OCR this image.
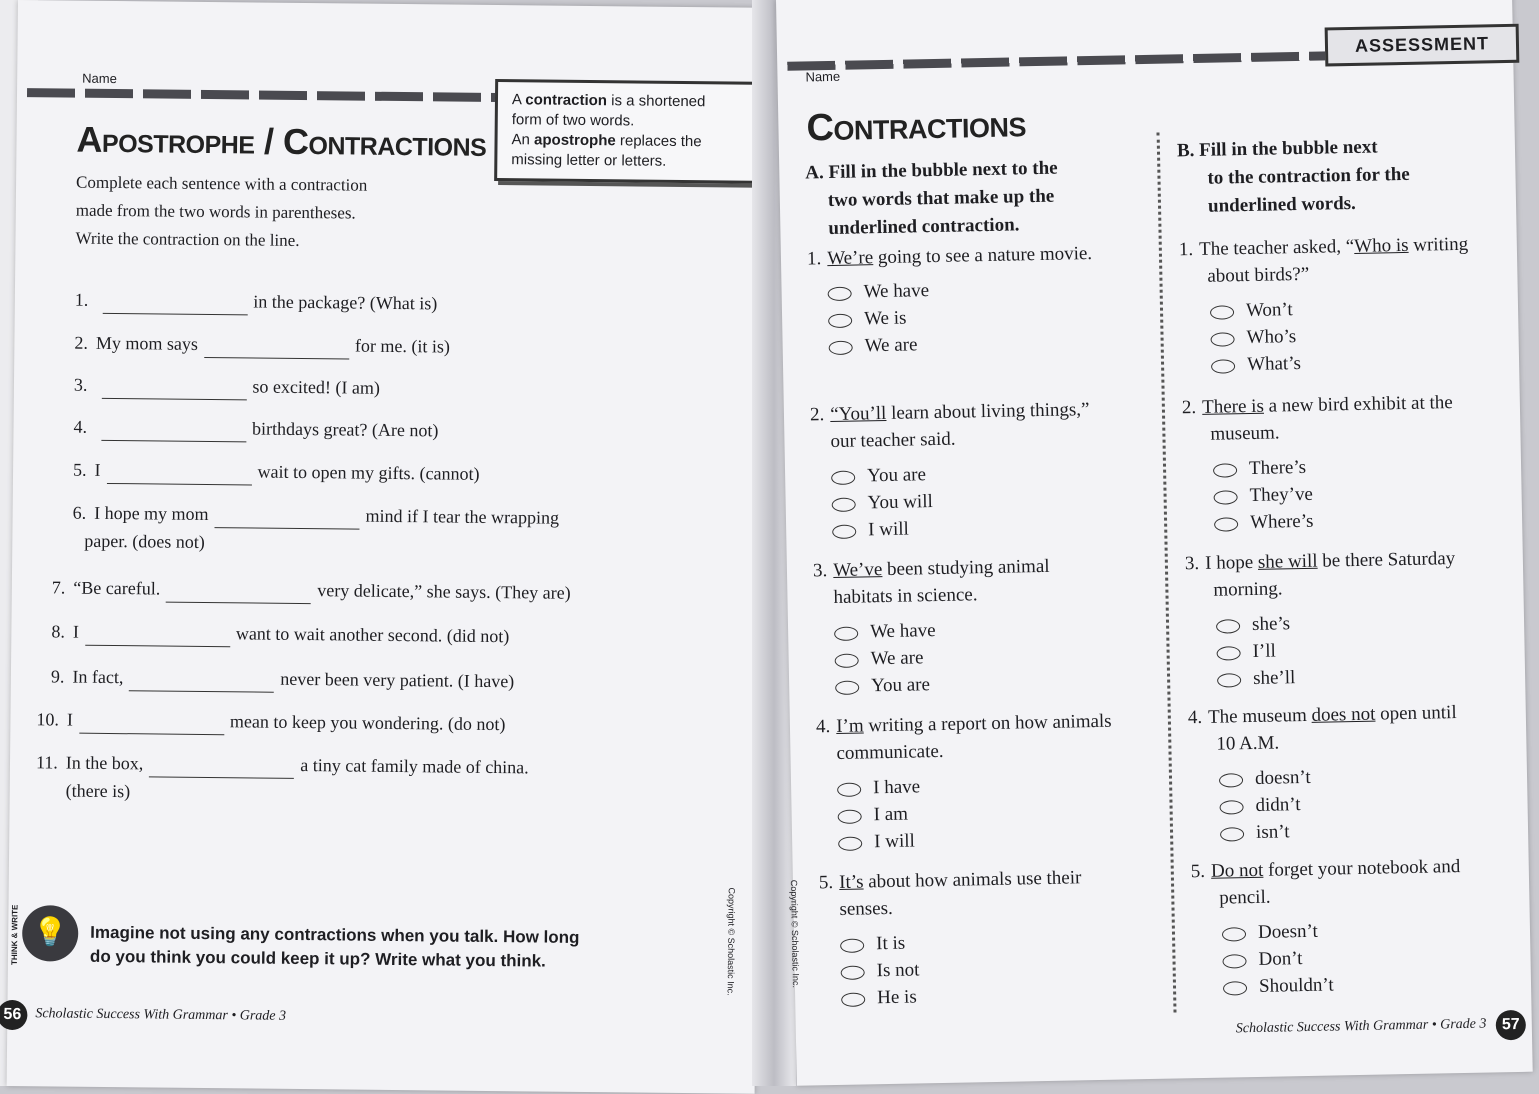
Name
Apostrophe / Contractions
A contraction is a shortened
form of two words.
An apostrophe replaces the
missing letter or letters.
Complete each sentence with a contraction
made from the two words in parentheses.
Write the contraction on the line.
1.	in the package? (What is)
2. My mom says	for me. (it is)
3.	so excited! (I am)
4.	birthdays great? (Are not)
5. I	wait to open my gifts. (cannot)
6. I hope my mom	mind if I tear the wrapping
paper. (does not)
7. “Be careful.	very delicate,” she says. (They are)
8. I	want to wait another second. (did not)
9. In fact,	never been very patient. (I have)
10. I	mean to keep you wondering. (do not)
11. In the box,	a tiny cat family made of china.
(there is)
💡
THINK & WRITE	Imagine not using any contractions when you talk. How long
do you think you could keep it up? Write what you think.
56 Scholastic Success With Grammar • Grade 3
Copyright © Scholastic Inc.
Name
ASSESSMENT
Contractions
A. Fill in the bubble next to the
two words that make up the
underlined contraction.
B. Fill in the bubble next
to the contraction for the
underlined words.
1. We’re going to see a nature movie.
We have
We is
We are
2. “You’ll learn about living things,”
our teacher said.
You are
You will
I will
3. We’ve been studying animal
habitats in science.
We have
We are
You are
4. I’m writing a report on how animals
communicate.
I have
I am
I will
5. It’s about how animals use their
senses.
It is
Is not
He is
1. The teacher asked, “Who is writing
about birds?”
Won’t
Who’s
What’s
2. There is a new bird exhibit at the
museum.
There’s
They’ve
Where’s
3. I hope she will be there Saturday
morning.
she’s
I’ll
she’ll
4. The museum does not open until
10 A.M.
doesn’t
didn’t
isn’t
5. Do not forget your notebook and
pencil.
Doesn’t
Don’t
Shouldn’t
Copyright © Scholastic Inc.
Scholastic Success With Grammar • Grade 3 57
